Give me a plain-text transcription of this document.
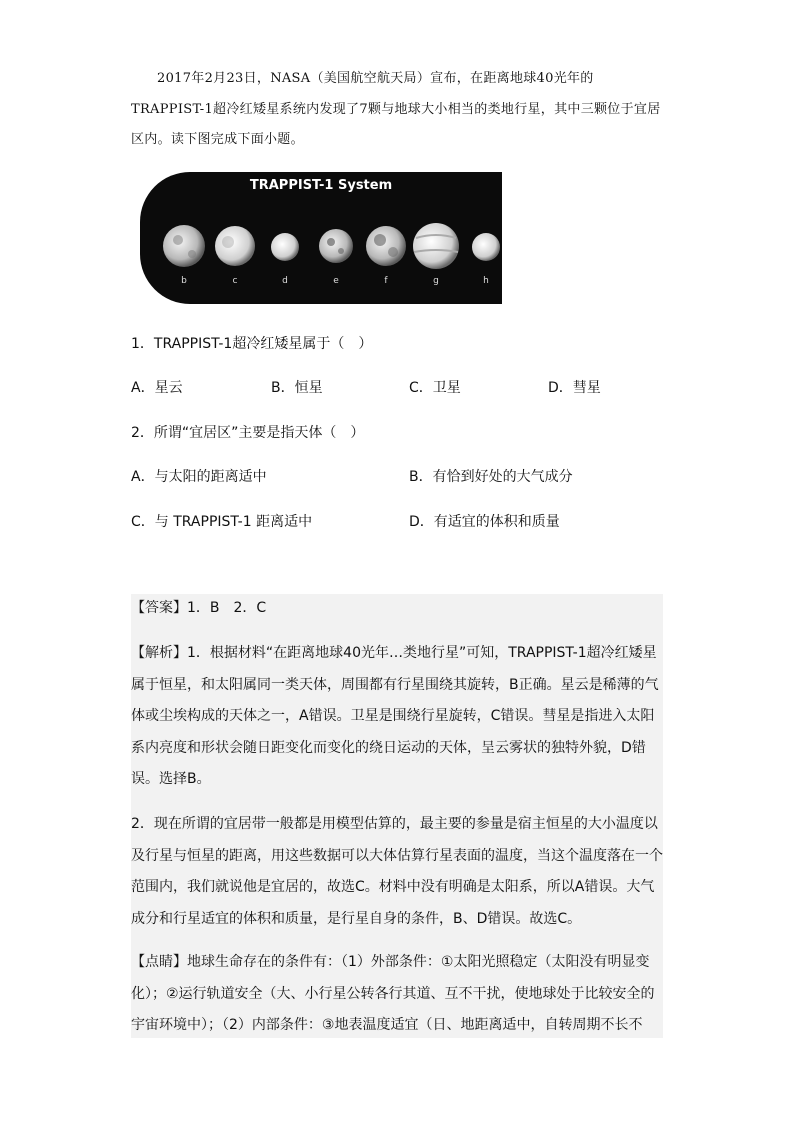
2017年2月23日，NASA（美国航空航天局）宣布，在距离地球40光年的TRAPPIST-1超冷红矮星系统内发现了7颗与地球大小相当的类地行星，其中三颗位于宜居区内。读下图完成下面小题。
b	c	d	e	f	g	h
TRAPPIST-1 System
1．TRAPPIST-1超冷红矮星属于（　）
A．星云	B．恒星	C．卫星	D．彗星
2．所谓“宜居区”主要是指天体（　）
A．与太阳的距离适中	B．有恰到好处的大气成分
C．与 TRAPPIST-1 距离适中	D．有适宜的体积和质量
【答案】1．B　2．C
【解析】1．根据材料“在距离地球40光年…类地行星”可知，TRAPPIST-1超冷红矮星属于恒星，和太阳属同一类天体，周围都有行星围绕其旋转，B正确。星云是稀薄的气体或尘埃构成的天体之一，A错误。卫星是围绕行星旋转，C错误。彗星是指进入太阳系内亮度和形状会随日距变化而变化的绕日运动的天体，呈云雾状的独特外貌，D错误。选择B。
2．现在所谓的宜居带一般都是用模型估算的，最主要的参量是宿主恒星的大小温度以及行星与恒星的距离，用这些数据可以大体估算行星表面的温度，当这个温度落在一个范围内，我们就说他是宜居的，故选C。材料中没有明确是太阳系，所以A错误。大气成分和行星适宜的体积和质量，是行星自身的条件，B、D错误。故选C。
【点睛】地球生命存在的条件有：（1）外部条件：①太阳光照稳定（太阳没有明显变化）；②运行轨道安全（大、小行星公转各行其道、互不干扰，使地球处于比较安全的宇宙环境中）；（2）内部条件：③地表温度适宜（日、地距离适中，自转周期不长不
